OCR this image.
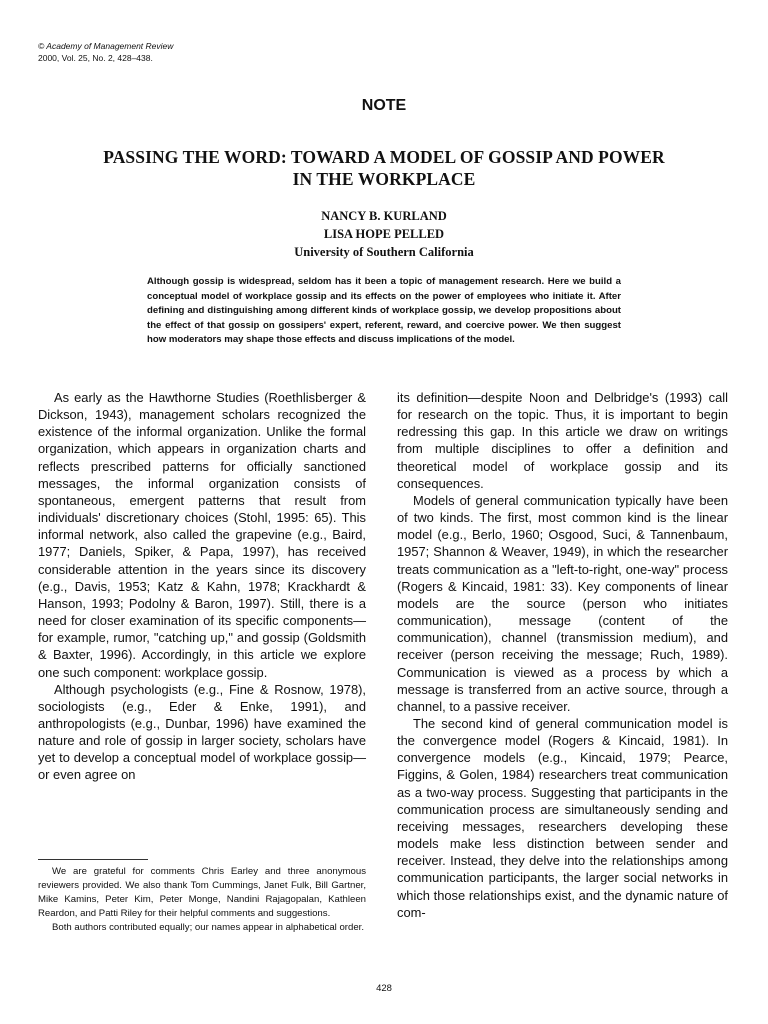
© Academy of Management Review
2000, Vol. 25, No. 2, 428–438.
NOTE
PASSING THE WORD: TOWARD A MODEL OF GOSSIP AND POWER IN THE WORKPLACE
NANCY B. KURLAND
LISA HOPE PELLED
University of Southern California
Although gossip is widespread, seldom has it been a topic of management research. Here we build a conceptual model of workplace gossip and its effects on the power of employees who initiate it. After defining and distinguishing among different kinds of workplace gossip, we develop propositions about the effect of that gossip on gossipers' expert, referent, reward, and coercive power. We then suggest how moderators may shape those effects and discuss implications of the model.

As early as the Hawthorne Studies (Roethlisberger & Dickson, 1943), management scholars recognized the existence of the informal organization. Unlike the formal organization, which appears in organization charts and reflects prescribed patterns for officially sanctioned messages, the informal organization consists of spontaneous, emergent patterns that result from individuals' discretionary choices (Stohl, 1995: 65). This informal network, also called the grapevine (e.g., Baird, 1977; Daniels, Spiker, & Papa, 1997), has received considerable attention in the years since its discovery (e.g., Davis, 1953; Katz & Kahn, 1978; Krackhardt & Hanson, 1993; Podolny & Baron, 1997). Still, there is a need for closer examination of its specific components—for example, rumor, "catching up," and gossip (Goldsmith & Baxter, 1996). Accordingly, in this article we explore one such component: workplace gossip.

Although psychologists (e.g., Fine & Rosnow, 1978), sociologists (e.g., Eder & Enke, 1991), and anthropologists (e.g., Dunbar, 1996) have examined the nature and role of gossip in larger society, scholars have yet to develop a conceptual model of workplace gossip—or even agree on

its definition—despite Noon and Delbridge's (1993) call for research on the topic. Thus, it is important to begin redressing this gap. In this article we draw on writings from multiple disciplines to offer a definition and theoretical model of workplace gossip and its consequences.

Models of general communication typically have been of two kinds. The first, most common kind is the linear model (e.g., Berlo, 1960; Osgood, Suci, & Tannenbaum, 1957; Shannon & Weaver, 1949), in which the researcher treats communication as a "left-to-right, one-way" process (Rogers & Kincaid, 1981: 33). Key components of linear models are the source (person who initiates communication), message (content of the communication), channel (transmission medium), and receiver (person receiving the message; Ruch, 1989). Communication is viewed as a process by which a message is transferred from an active source, through a channel, to a passive receiver.

The second kind of general communication model is the convergence model (Rogers & Kincaid, 1981). In convergence models (e.g., Kincaid, 1979; Pearce, Figgins, & Golen, 1984) researchers treat communication as a two-way process. Suggesting that participants in the communication process are simultaneously sending and receiving messages, researchers developing these models make less distinction between sender and receiver. Instead, they delve into the relationships among communication participants, the larger social networks in which those relationships exist, and the dynamic nature of com-

We are grateful for comments Chris Earley and three anonymous reviewers provided. We also thank Tom Cummings, Janet Fulk, Bill Gartner, Mike Kamins, Peter Kim, Peter Monge, Nandini Rajagopalan, Kathleen Reardon, and Patti Riley for their helpful comments and suggestions.

Both authors contributed equally; our names appear in alphabetical order.

428
